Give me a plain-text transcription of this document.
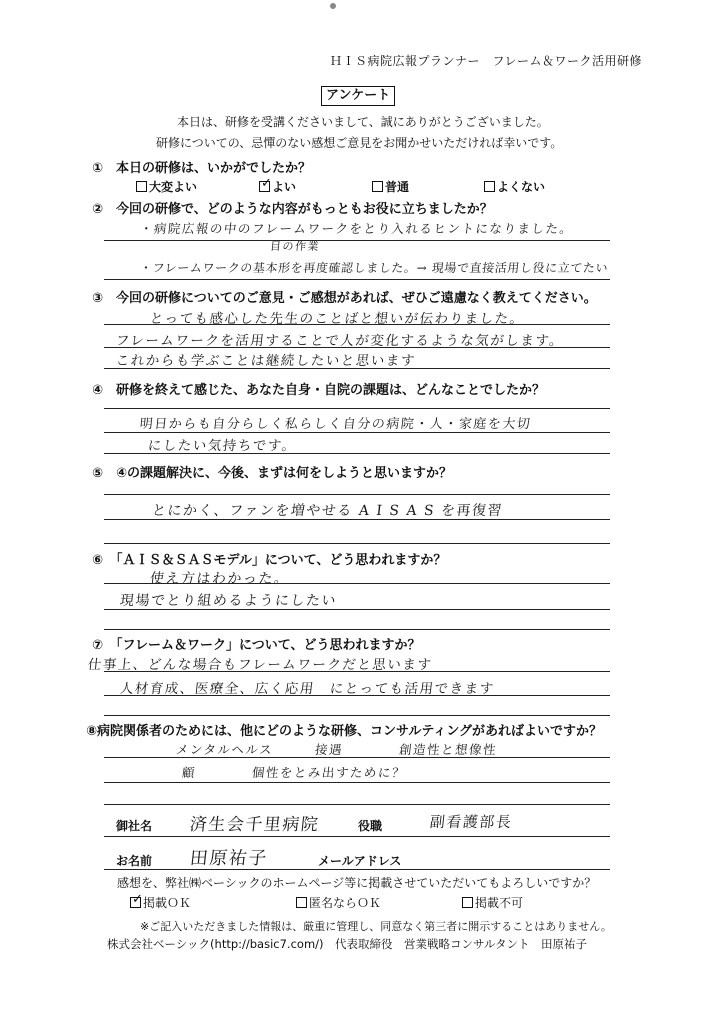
ＨＩＳ病院広報プランナー　フレーム＆ワーク活用研修
アンケート
本日は、研修を受講くださいまして、誠にありがとうございました。
研修についての、忌憚のない感想ご意見をお聞かせいただければ幸いです。
①　本日の研修は、いかがでしたか？
大変よい	✓ よい	普通	よくない
②　今回の研修で、どのような内容がもっともお役に立ちましたか？
・病院広報の中のフレームワークをとり入れるヒントになりました。
目の作業
・フレームワークの基本形を再度確認しました。→ 現場で直接活用し役に立てたい
③　今回の研修についてのご意見・ご感想があれば、ぜひご遠慮なく教えてください。
とっても感心した先生のことばと想いが伝わりました。
フレームワークを活用することで人が変化するような気がします。
これからも学ぶことは継続したいと思います
④　研修を終えて感じた、あなた自身・自院の課題は、どんなことでしたか？
明日からも自分らしく私らしく自分の病院・人・家庭を大切
にしたい気持ちです。
⑤　④の課題解決に、今後、まずは何をしようと思いますか？
とにかく、ファンを増やせる A I S A S を再復習
⑥　「ＡＩＳ＆ＳＡＳモデル」について、どう思われますか？
使え方はわかった。
現場でとり組めるようにしたい
⑦　「フレーム＆ワーク」について、どう思われますか？
仕事上、どんな場合もフレームワークだと思います
人材育成、医療全、広く応用　にとっても活用できます
⑧病院関係者のためには、他にどのような研修、コンサルティングがあればよいですか？
メンタルヘルス　　　接遇　　　　創造性と想像性
顧　　　　個性をとみ出すために？
御社名 済生会千里病院	役職	副看護部長
お名前 田原祐子	メールアドレス
感想を、弊社㈱ベーシックのホームページ等に掲載させていただいてもよろしいですか？
✓ 掲載ＯＫ	匿名ならＯＫ	掲載不可
※ご記入いただきました情報は、厳重に管理し、同意なく第三者に開示することはありません。
株式会社ベーシック(http://basic7.com/)　代表取締役　営業戦略コンサルタント　田原祐子
